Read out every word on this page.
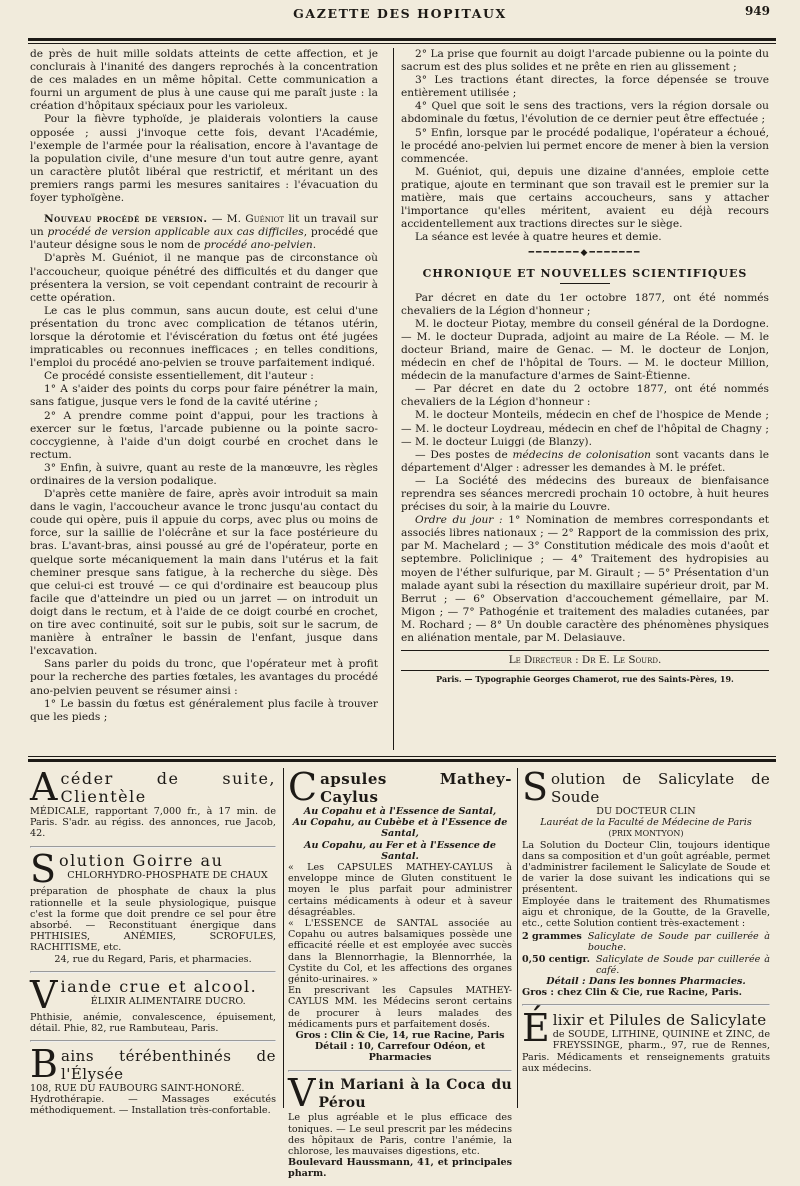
GAZETTE DES HOPITAUX	949

de près de huit mille soldats atteints de cette affection, et je conclurais à l'inanité des dangers reprochés à la concentration de ces malades en un même hôpital. Cette communication a fourni un argument de plus à une cause qui me paraît juste : la création d'hôpitaux spéciaux pour les varioleux.

Pour la fièvre typhoïde, je plaiderais volontiers la cause opposée ; aussi j'invoque cette fois, devant l'Académie, l'exemple de l'armée pour la réalisation, encore à l'avantage de la population civile, d'une mesure d'un tout autre genre, ayant un caractère plutôt libéral que restrictif, et méritant un des premiers rangs parmi les mesures sanitaires : l'évacuation du foyer typhoïgène.

Nouveau procédé de version. — M. Guéniot lit un travail sur un procédé de version applicable aux cas difficiles, procédé que l'auteur désigne sous le nom de procédé ano-pelvien.

D'après M. Guéniot, il ne manque pas de circonstance où l'accoucheur, quoique pénétré des difficultés et du danger que présentera la version, se voit cependant contraint de recourir à cette opération.

Le cas le plus commun, sans aucun doute, est celui d'une présentation du tronc avec complication de tétanos utérin, lorsque la dérotomie et l'éviscération du fœtus ont été jugées impraticables ou reconnues inefficaces ; en telles conditions, l'emploi du procédé ano-pelvien se trouve parfaitement indiqué.

Ce procédé consiste essentiellement, dit l'auteur :

1° A s'aider des points du corps pour faire pénétrer la main, sans fatigue, jusque vers le fond de la cavité utérine ;

2° A prendre comme point d'appui, pour les tractions à exercer sur le fœtus, l'arcade pubienne ou la pointe sacro-coccygienne, à l'aide d'un doigt courbé en crochet dans le rectum.

3° Enfin, à suivre, quant au reste de la manœuvre, les règles ordinaires de la version podalique.

D'après cette manière de faire, après avoir introduit sa main dans le vagin, l'accoucheur avance le tronc jusqu'au contact du coude qui opère, puis il appuie du corps, avec plus ou moins de force, sur la saillie de l'olécrâne et sur la face postérieure du bras. L'avant-bras, ainsi poussé au gré de l'opérateur, porte en quelque sorte mécaniquement la main dans l'utérus et la fait cheminer presque sans fatigue, à la recherche du siège. Dès que celui-ci est trouvé — ce qui d'ordinaire est beaucoup plus facile que d'atteindre un pied ou un jarret — on introduit un doigt dans le rectum, et à l'aide de ce doigt courbé en crochet, on tire avec continuité, soit sur le pubis, soit sur le sacrum, de manière à entraîner le bassin de l'enfant, jusque dans l'excavation.

Sans parler du poids du tronc, que l'opérateur met à profit pour la recherche des parties fœtales, les avantages du procédé ano-pelvien peuvent se résumer ainsi :

1° Le bassin du fœtus est généralement plus facile à trouver que les pieds ;

2° La prise que fournit au doigt l'arcade pubienne ou la pointe du sacrum est des plus solides et ne prête en rien au glissement ;

3° Les tractions étant directes, la force dépensée se trouve entièrement utilisée ;

4° Quel que soit le sens des tractions, vers la région dorsale ou abdominale du fœtus, l'évolution de ce dernier peut être effectuée ;

5° Enfin, lorsque par le procédé podalique, l'opérateur a échoué, le procédé ano-pelvien lui permet encore de mener à bien la version commencée.

M. Guéniot, qui, depuis une dizaine d'années, emploie cette pratique, ajoute en terminant que son travail est le premier sur la matière, mais que certains accoucheurs, sans y attacher l'importance qu'elles méritent, avaient eu déjà recours accidentellement aux tractions directes sur le siège.

La séance est levée à quatre heures et demie.

━━━━━━━◆━━━━━━━
CHRONIQUE ET NOUVELLES SCIENTIFIQUES

Par décret en date du 1er octobre 1877, ont été nommés chevaliers de la Légion d'honneur ;

M. le docteur Piotay, membre du conseil général de la Dordogne. — M. le docteur Duprada, adjoint au maire de La Réole. — M. le docteur Briand, maire de Genac. — M. le docteur de Lonjon, médecin en chef de l'hôpital de Tours. — M. le docteur Million, médecin de la manufacture d'armes de Saint-Étienne.

— Par décret en date du 2 octobre 1877, ont été nommés chevaliers de la Légion d'honneur :

M. le docteur Monteils, médecin en chef de l'hospice de Mende ; — M. le docteur Loydreau, médecin en chef de l'hôpital de Chagny ; — M. le docteur Luiggi (de Blanzy).

— Des postes de médecins de colonisation sont vacants dans le département d'Alger : adresser les demandes à M. le préfet.

— La Société des médecins des bureaux de bienfaisance reprendra ses séances mercredi prochain 10 octobre, à huit heures précises du soir, à la mairie du Louvre.

Ordre du jour : 1° Nomination de membres correspondants et associés libres nationaux ; — 2° Rapport de la commission des prix, par M. Machelard ; — 3° Constitution médicale des mois d'août et septembre. Policlinique ; — 4° Traitement des hydropisies au moyen de l'éther sulfurique, par M. Girault ; — 5° Présentation d'un malade ayant subi la résection du maxillaire supérieur droit, par M. Berrut ; — 6° Observation d'accouchement gémellaire, par M. Migon ; — 7° Pathogénie et traitement des maladies cutanées, par M. Rochard ; — 8° Un double caractère des phénomènes physiques en aliénation mentale, par M. Delasiauve.

Le Directeur : Dr E. Le Sourd.

Paris. — Typographie Georges Chamerot, rue des Saints-Pères, 19.

A céder de suite, Clientèle
MÉDICALE, rapportant 7,000 fr., à 17 min. de Paris. S'adr. au régiss. des annonces, rue Jacob, 42.
S olution Goirre au
CHLORHYDRO-PHOSPHATE DE CHAUX
préparation de phosphate de chaux la plus rationnelle et la seule physiologique, puisque c'est la forme que doit prendre ce sel pour être absorbé. — Reconstituant énergique dans PHTHISIES, ANÉMIES, SCROFULES, RACHITISME, etc.
24, rue du Regard, Paris, et pharmacies.
V iande crue et alcool.
ÉLIXIR ALIMENTAIRE DUCRO.
Phthisie, anémie, convalescence, épuisement, détail. Phie, 82, rue Rambuteau, Paris.
B ains térébenthinés de l'Élysée
108, RUE DU FAUBOURG SAINT-HONORÉ.
Hydrothérapie. — Massages exécutés méthodiquement. — Installation très-confortable.
C apsules Mathey-Caylus
Au Copahu et à l'Essence de Santal,
Au Copahu, au Cubèbe et à l'Essence de Santal,
Au Copahu, au Fer et à l'Essence de Santal.
« Les CAPSULES MATHEY-CAYLUS à enveloppe mince de Gluten constituent le moyen le plus parfait pour administrer certains médicaments à odeur et à saveur désagréables.
« L'ESSENCE de SANTAL associée au Copahu ou autres balsamiques possède une efficacité réelle et est employée avec succès dans la Blennorrhagie, la Blennorrhée, la Cystite du Col, et les affections des organes génito-urinaires. »
En prescrivant les Capsules MATHEY-CAYLUS MM. les Médecins seront certains de procurer à leurs malades des médicaments purs et parfaitement dosés.
Gros : Clin & Cie, 14, rue Racine, Paris
Détail : 10, Carrefour Odéon, et Pharmacies
V in Mariani à la Coca du Pérou
Le plus agréable et le plus efficace des toniques. — Le seul prescrit par les médecins des hôpitaux de Paris, contre l'anémie, la chlorose, les mauvaises digestions, etc.
Boulevard Haussmann, 41, et principales pharm.
S olution de Salicylate de Soude
DU DOCTEUR CLIN
Lauréat de la Faculté de Médecine de Paris
(PRIX MONTYON)
La Solution du Docteur Clin, toujours identique dans sa composition et d'un goût agréable, permet d'administrer facilement le Salicylate de Soude et de varier la dose suivant les indications qui se présentent.
Employée dans le traitement des Rhumatismes aigu et chronique, de la Goutte, de la Gravelle, etc., cette Solution contient très-exactement :
2 grammes Salicylate de Soude par cuillerée à bouche.
0,50 centigr. Salicylate de Soude par cuillerée à café.
Détail : Dans les bonnes Pharmacies.
Gros : chez Clin & Cie, rue Racine, Paris.
É lixir et Pilules de Salicylate
de SOUDE, LITHINE, QUININE et ZINC, de FREYSSINGE, pharm., 97, rue de Rennes, Paris. Médicaments et renseignements gratuits aux médecins.
